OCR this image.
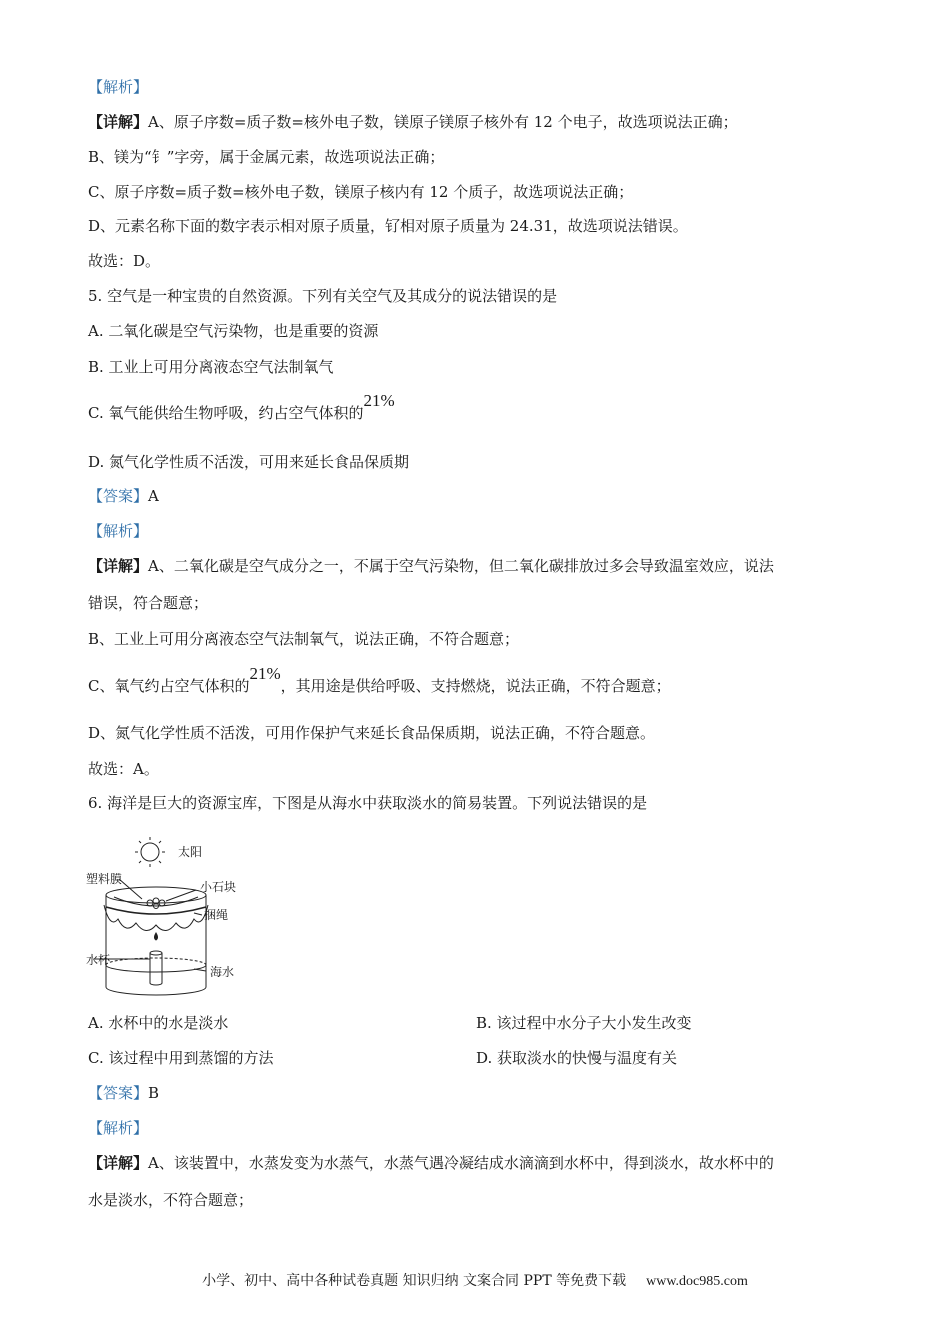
【解析】
【详解】A、原子序数=质子数=核外电子数，镁原子镁原子核外有 12 个电子，故选项说法正确；
B、镁为“钅”字旁，属于金属元素，故选项说法正确；
C、原子序数=质子数=核外电子数，镁原子核内有 12 个质子，故选项说法正确；
D、元素名称下面的数字表示相对原子质量，钌相对原子质量为 24.31，故选项说法错误。
故选：D。
5. 空气是一种宝贵的自然资源。下列有关空气及其成分的说法错误的是
A. 二氧化碳是空气污染物，也是重要的资源
B. 工业上可用分离液态空气法制氧气
C. 氧气能供给生物呼吸，约占空气体积的21%
D. 氮气化学性质不活泼，可用来延长食品保质期
【答案】A
【解析】
【详解】A、二氧化碳是空气成分之一，不属于空气污染物，但二氧化碳排放过多会导致温室效应，说法
错误，符合题意；
B、工业上可用分离液态空气法制氧气，说法正确，不符合题意；
C、氧气约占空气体积的21%，其用途是供给呼吸、支持燃烧，说法正确，不符合题意；
D、氮气化学性质不活泼，可用作保护气来延长食品保质期，说法正确，不符合题意。
故选：A。
6. 海洋是巨大的资源宝库，下图是从海水中获取淡水的简易装置。下列说法错误的是
太阳
塑料膜
小石块
捆绳
水杯
海水
A. 水杯中的水是淡水	B. 该过程中水分子大小发生改变
C. 该过程中用到蒸馏的方法	D. 获取淡水的快慢与温度有关
【答案】B
【解析】
【详解】A、该装置中，水蒸发变为水蒸气，水蒸气遇冷凝结成水滴滴到水杯中，得到淡水，故水杯中的
水是淡水，不符合题意；
小学、初中、高中各种试卷真题 知识归纳 文案合同 PPT 等免费下载 www.doc985.com
